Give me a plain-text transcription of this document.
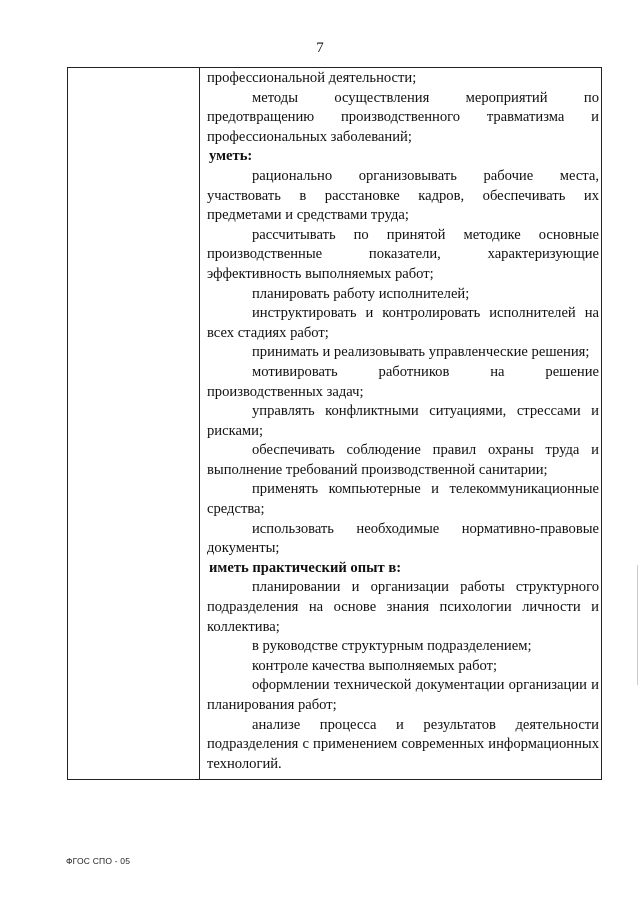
7

профессиональной деятельности;

методы осуществления мероприятий по предотвращению производственного травматизма и профессиональных заболеваний;

уметь:

рационально организовывать рабочие места, участвовать в расстановке кадров, обеспечивать их предметами и средствами труда;

рассчитывать по принятой методике основные производственные показатели, характеризующие эффективность выполняемых работ;

планировать работу исполнителей;

инструктировать и контролировать исполнителей на всех стадиях работ;

принимать и реализовывать управленческие решения;

мотивировать работников на решение производственных задач;

управлять конфликтными ситуациями, стрессами и рисками;

обеспечивать соблюдение правил охраны труда и выполнение требований производственной санитарии;

применять компьютерные и телекоммуникационные средства;

использовать необходимые нормативно-правовые документы;

иметь практический опыт в:

планировании и организации работы структурного подразделения на основе знания психологии личности и коллектива;

в руководстве структурным подразделением;

контроле качества выполняемых работ;

оформлении технической документации организации и планирования работ;

анализе процесса и результатов деятельности подразделения с применением современных информационных технологий.

ФГОС СПО - 05
